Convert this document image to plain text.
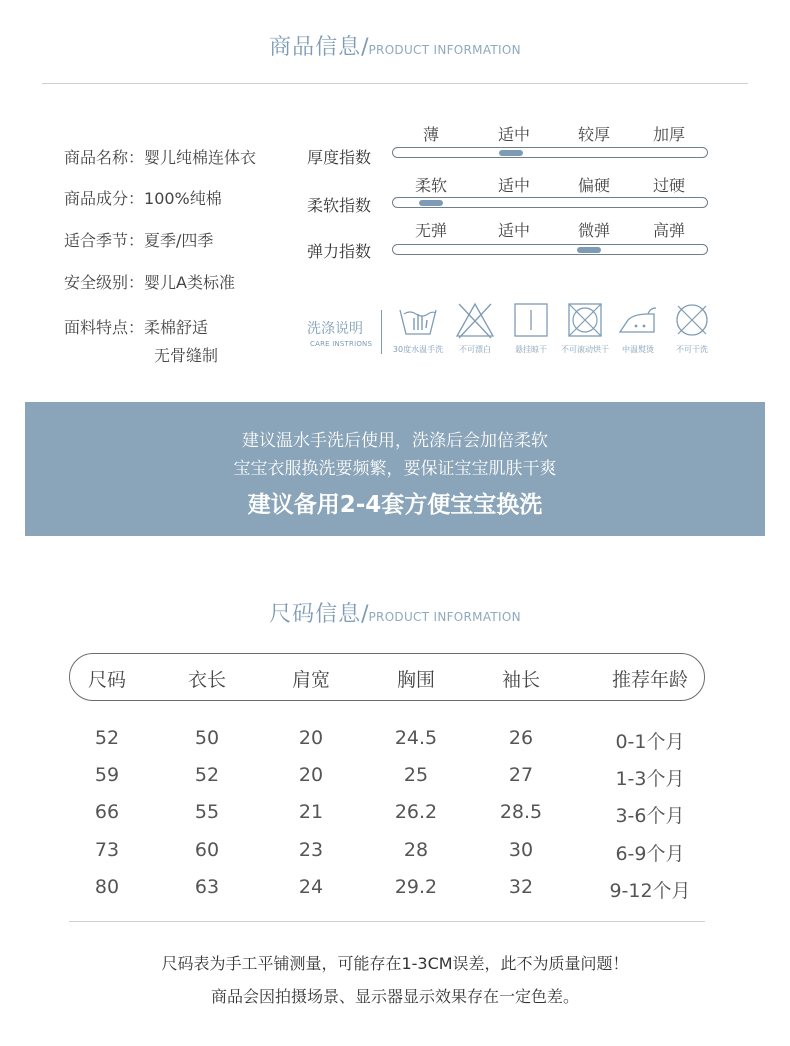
商品信息/PRODUCT INFORMATION
商品名称：婴儿纯棉连体衣
商品成分：100%纯棉
适合季节：夏季/四季
安全级别：婴儿A类标准
面料特点：柔棉舒适
无骨缝制
薄	适中	较厚	加厚
厚度指数
柔软	适中	偏硬	过硬
柔软指数
无弹	适中	微弹	高弹
弹力指数
洗涤说明
CARE INSTRIONS
30度水温手洗	不可漂白	悬挂晾干	不可滚动烘干	中温熨烫	不可干洗
建议温水手洗后使用，洗涤后会加倍柔软
宝宝衣服换洗要频繁，要保证宝宝肌肤干爽
建议备用2-4套方便宝宝换洗
尺码信息/PRODUCT INFORMATION
尺码	衣长	肩宽	胸围	袖长	推荐年龄
52	50	20	24.5	26	0-1个月
59	52	20	25	27	1-3个月
66	55	21	26.2	28.5	3-6个月
73	60	23	28	30	6-9个月
80	63	24	29.2	32	9-12个月
尺码表为手工平铺测量，可能存在1-3CM误差，此不为质量问题！
商品会因拍摄场景、显示器显示效果存在一定色差。
